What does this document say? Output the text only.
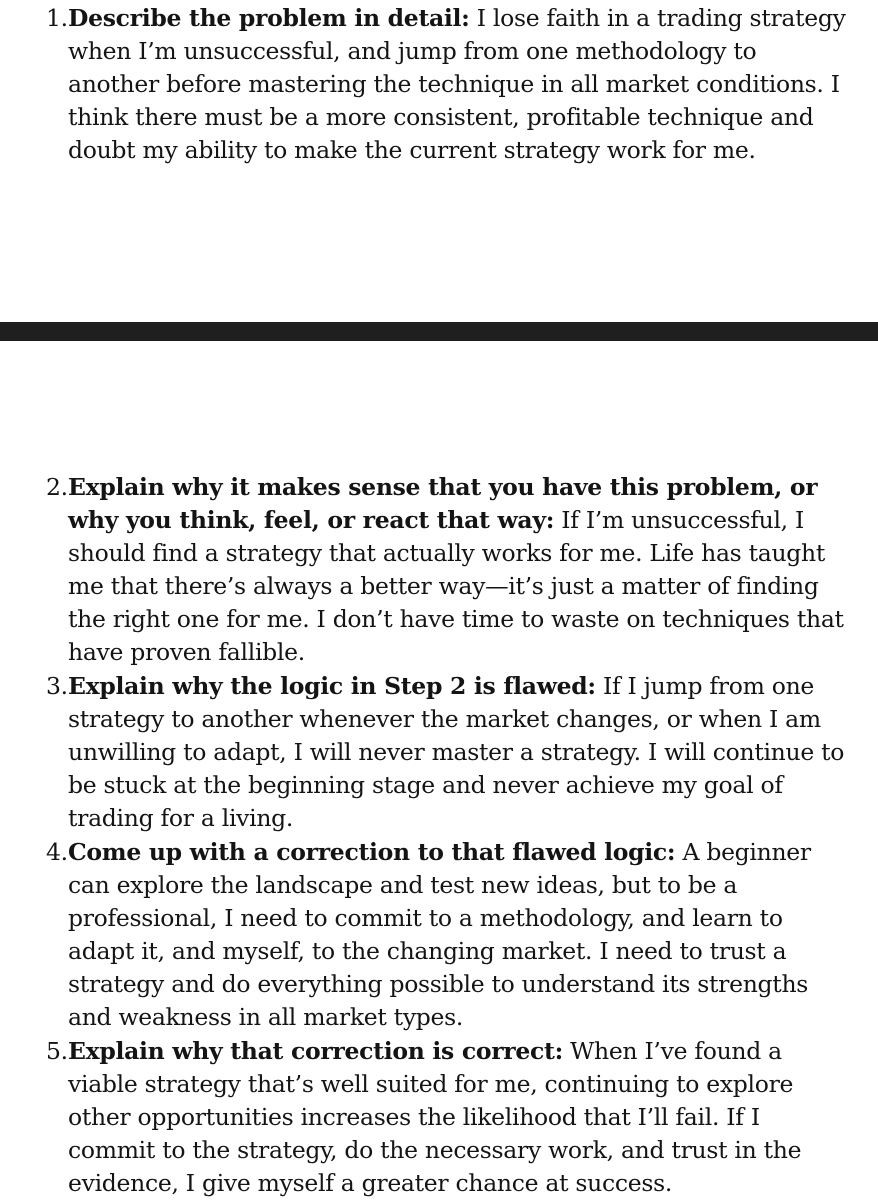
1. Describe the problem in detail: I lose faith in a trading strategy when I’m unsuccessful, and jump from one methodology to another before mastering the technique in all market conditions. I think there must be a more consistent, profitable technique and doubt my ability to make the current strategy work for me.
2. Explain why it makes sense that you have this problem, or why you think, feel, or react that way: If I’m unsuccessful, I should find a strategy that actually works for me. Life has taught me that there’s always a better way—it’s just a matter of finding the right one for me. I don’t have time to waste on techniques that have proven fallible.
3. Explain why the logic in Step 2 is flawed: If I jump from one strategy to another whenever the market changes, or when I am unwilling to adapt, I will never master a strategy. I will continue to be stuck at the beginning stage and never achieve my goal of trading for a living.
4. Come up with a correction to that flawed logic: A beginner can explore the landscape and test new ideas, but to be a professional, I need to commit to a methodology, and learn to adapt it, and myself, to the changing market. I need to trust a strategy and do everything possible to understand its strengths and weakness in all market types.
5. Explain why that correction is correct: When I’ve found a viable strategy that’s well suited for me, continuing to explore other opportunities increases the likelihood that I’ll fail. If I commit to the strategy, do the necessary work, and trust in the evidence, I give myself a greater chance at success.
